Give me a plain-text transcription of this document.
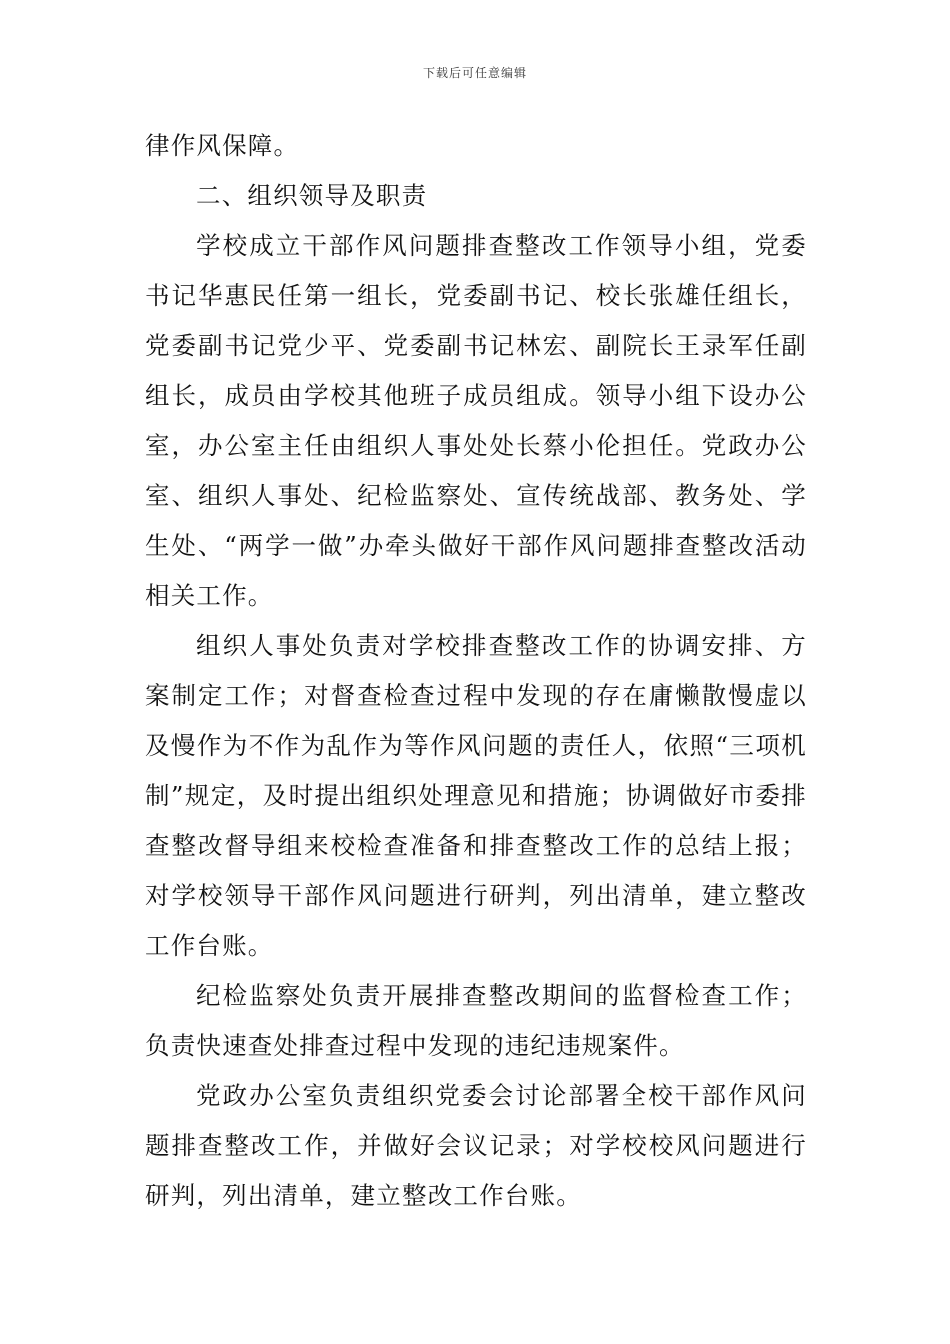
下载后可任意编辑

律作风保障。

二、组织领导及职责

学校成立干部作风问题排查整改工作领导小组，党委书记华惠民任第一组长，党委副书记、校长张雄任组长，党委副书记党少平、党委副书记林宏、副院长王录军任副组长，成员由学校其他班子成员组成。领导小组下设办公室，办公室主任由组织人事处处长蔡小伦担任。党政办公室、组织人事处、纪检监察处、宣传统战部、教务处、学生处、“两学一做”办牵头做好干部作风问题排查整改活动相关工作。

组织人事处负责对学校排查整改工作的协调安排、方案制定工作；对督查检查过程中发现的存在庸懒散慢虚以及慢作为不作为乱作为等作风问题的责任人，依照“三项机制”规定，及时提出组织处理意见和措施；协调做好市委排查整改督导组来校检查准备和排查整改工作的总结上报；对学校领导干部作风问题进行研判，列出清单，建立整改工作台账。

纪检监察处负责开展排查整改期间的监督检查工作；负责快速查处排查过程中发现的违纪违规案件。

党政办公室负责组织党委会讨论部署全校干部作风问题排查整改工作，并做好会议记录；对学校校风问题进行研判，列出清单，建立整改工作台账。
